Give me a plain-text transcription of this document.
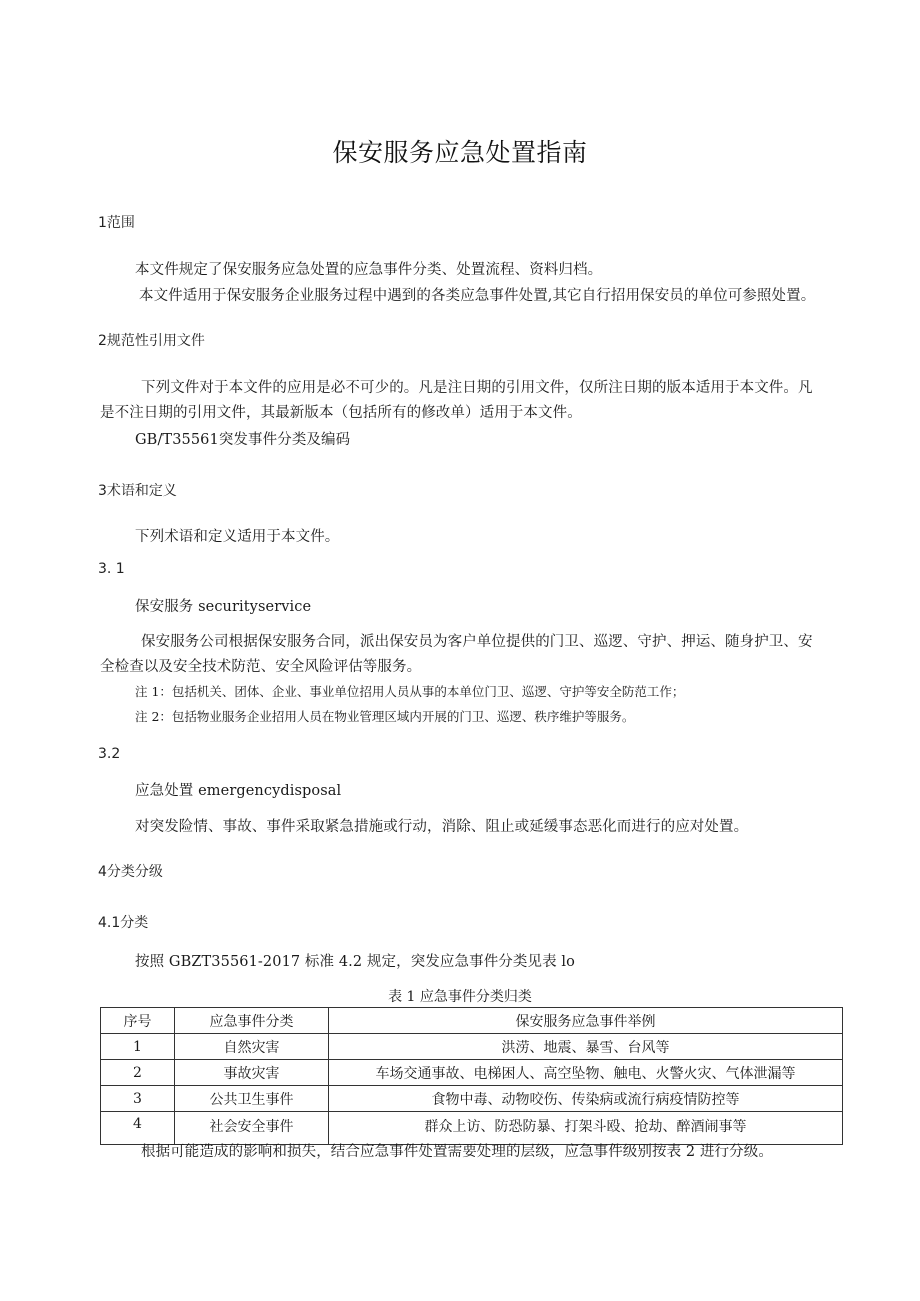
保安服务应急处置指南
1范围
本文件规定了保安服务应急处置的应急事件分类、处置流程、资料归档。
本文件适用于保安服务企业服务过程中遇到的各类应急事件处置,其它自行招用保安员的单位可参照处置。
2规范性引用文件
下列文件对于本文件的应用是必不可少的。凡是注日期的引用文件，仅所注日期的版本适用于本文件。凡
是不注日期的引用文件，其最新版本（包括所有的修改单）适用于本文件。
GB/T35561突发事件分类及编码
3术语和定义
下列术语和定义适用于本文件。
3. 1
保安服务 securityservice
保安服务公司根据保安服务合同，派出保安员为客户单位提供的门卫、巡逻、守护、押运、随身护卫、安
全检查以及安全技术防范、安全风险评估等服务。
注 1：包括机关、团体、企业、事业单位招用人员从事的本单位门卫、巡逻、守护等安全防范工作；
注 2：包括物业服务企业招用人员在物业管理区域内开展的门卫、巡逻、秩序维护等服务。
3.2
应急处置 emergencydisposal
对突发险情、事故、事件采取紧急措施或行动，消除、阻止或延缓事态恶化而进行的应对处置。
4分类分级
4.1分类
按照 GBZT35561-2017 标准 4.2 规定，突发应急事件分类见表 lo
表 1 应急事件分类归类
序号	应急事件分类	保安服务应急事件举例
1	自然灾害	洪涝、地震、暴雪、台风等
2	事故灾害	车场交通事故、电梯困人、高空坠物、触电、火警火灾、气体泄漏等
3	公共卫生事件	食物中毒、动物咬伤、传染病或流行病疫情防控等
4	社会安全事件	群众上访、防恐防暴、打架斗殴、抢劫、醉酒闹事等
根据可能造成的影响和损失，结合应急事件处置需要处理的层级，应急事件级别按表 2 进行分级。
